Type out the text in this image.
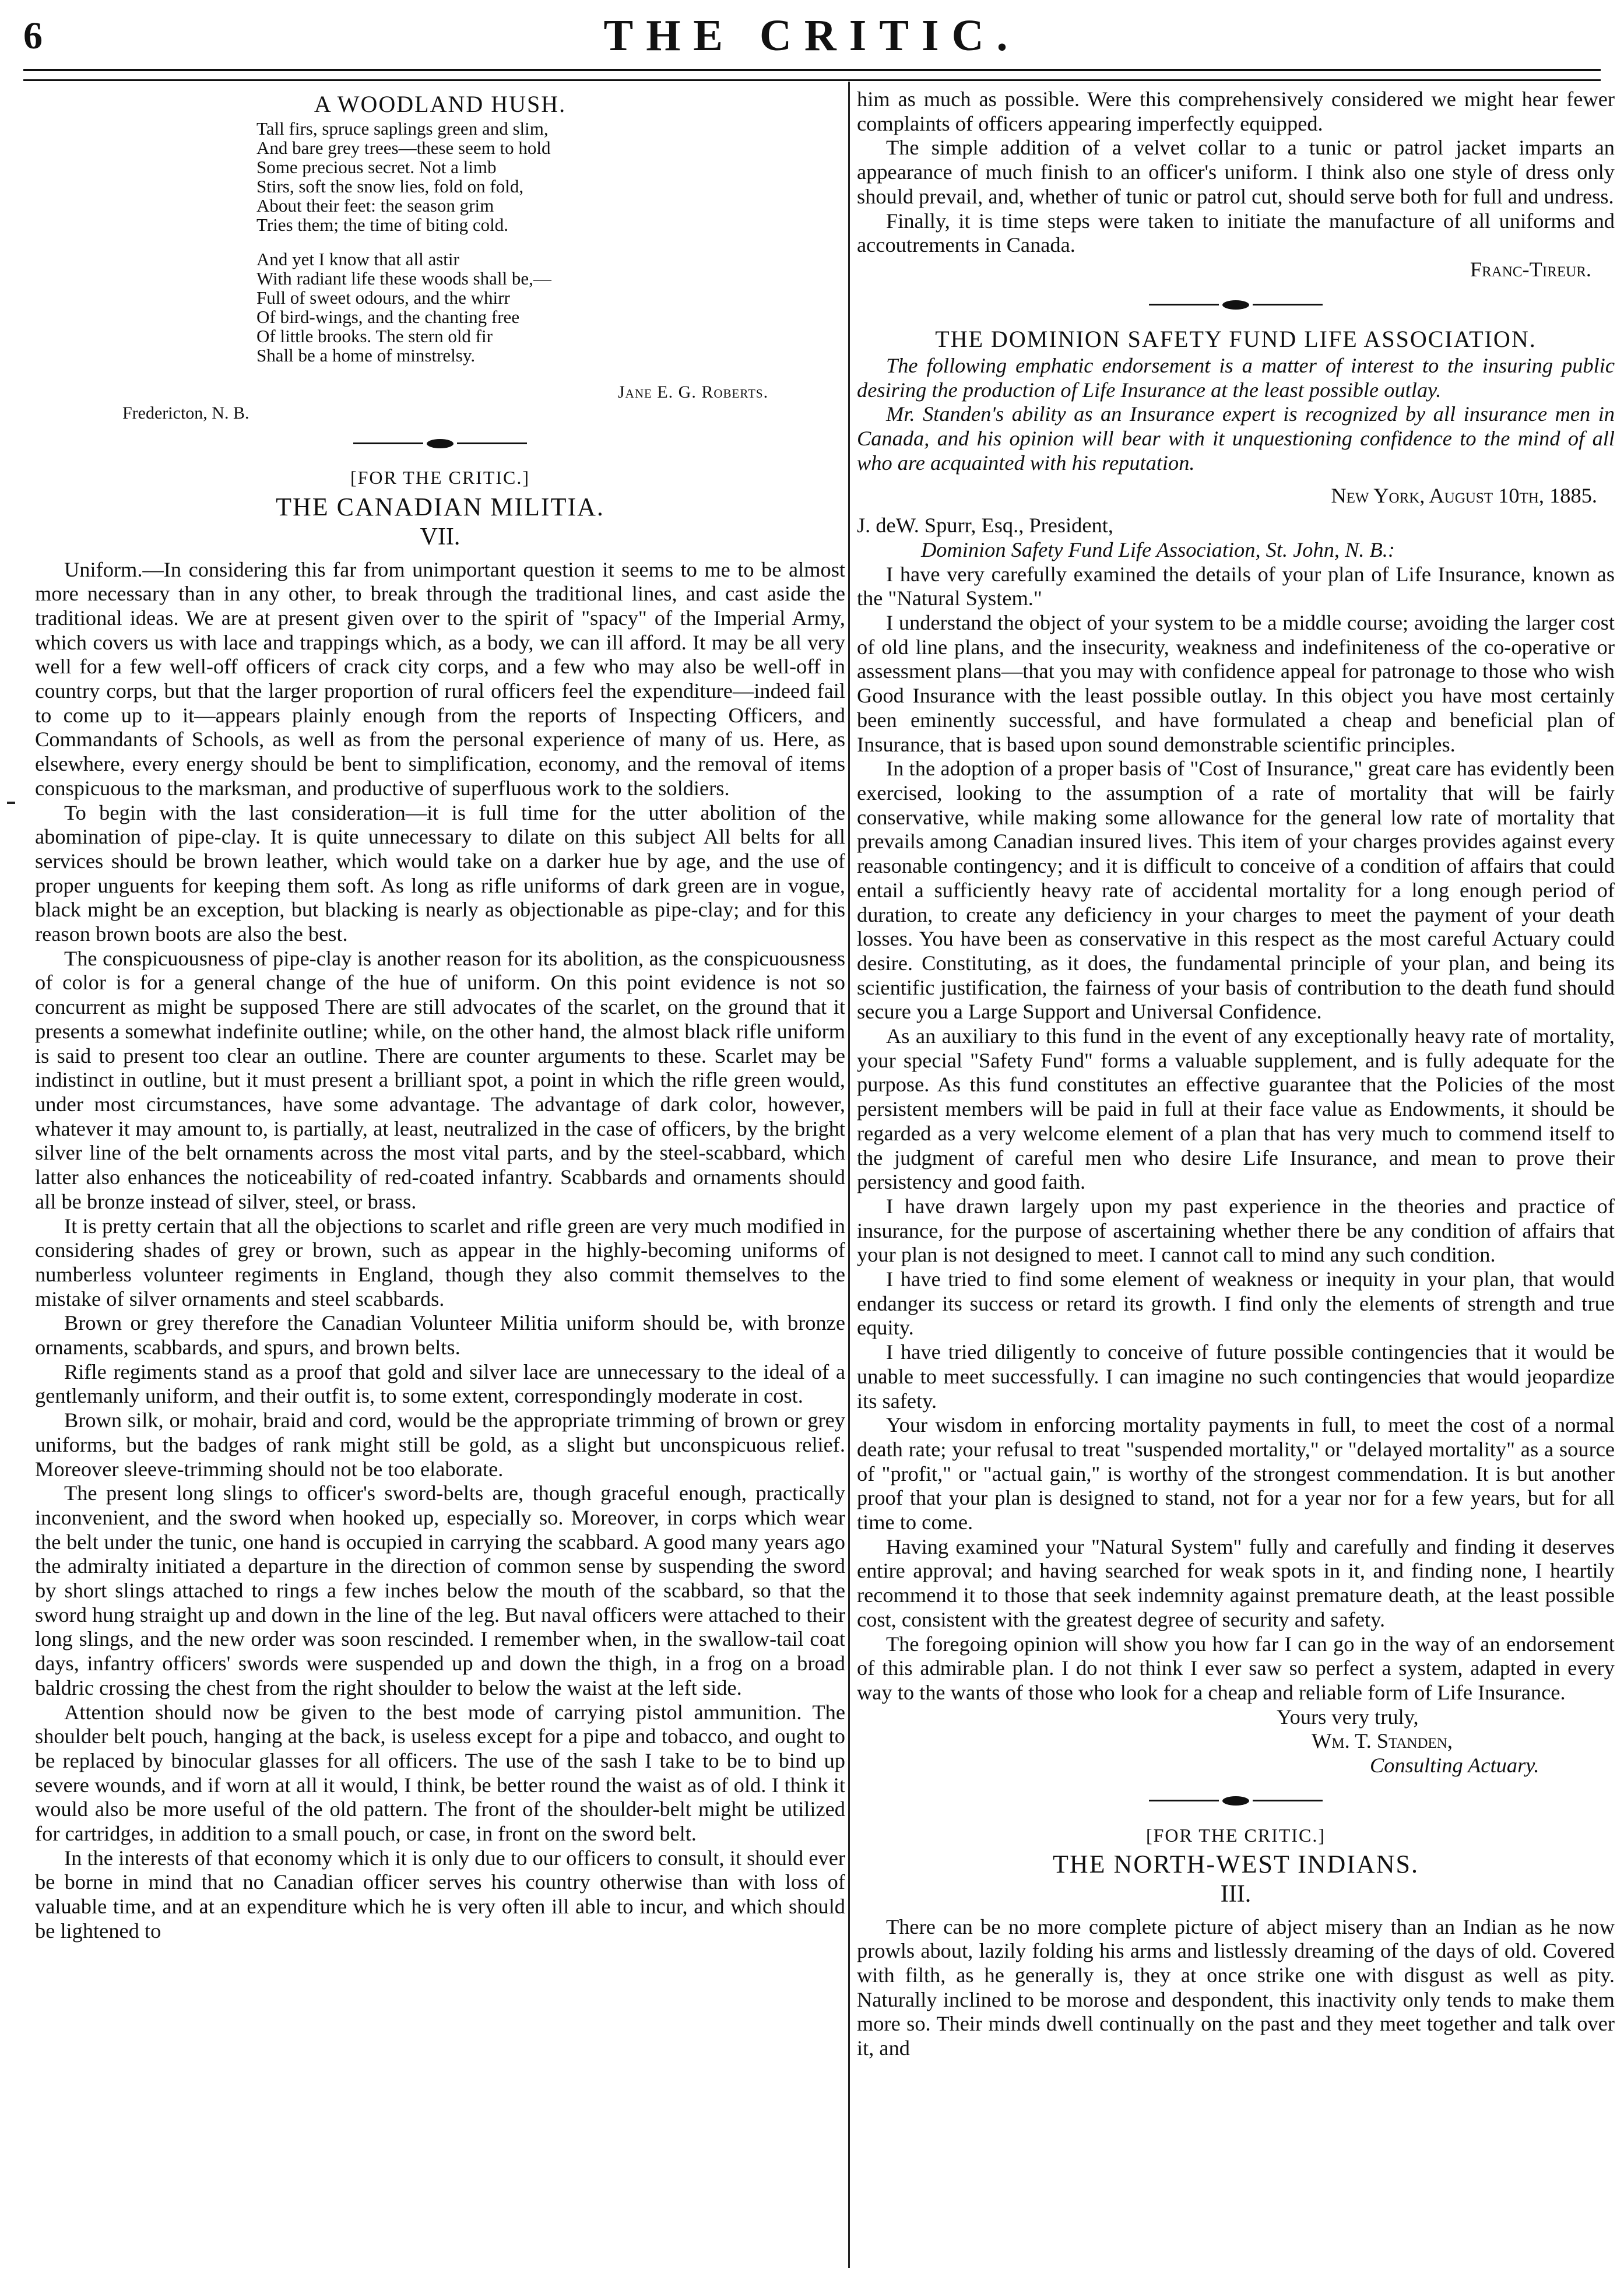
6	THE CRITIC.
A WOODLAND HUSH.
Tall firs, spruce saplings green and slim,
And bare grey trees—these seem to hold
Some precious secret. Not a limb
Stirs, soft the snow lies, fold on fold,
About their feet: the season grim
Tries them; the time of biting cold.
And yet I know that all astir
With radiant life these woods shall be,—
Full of sweet odours, and the whirr
Of bird-wings, and the chanting free
Of little brooks. The stern old fir
Shall be a home of minstrelsy.
Jane E. G. Roberts.
Fredericton, N. B.
[FOR THE CRITIC.]
THE CANADIAN MILITIA.
VII.

Uniform.—In considering this far from unimportant question it seems to me to be almost more necessary than in any other, to break through the traditional lines, and cast aside the traditional ideas. We are at present given over to the spirit of "spacy" of the Imperial Army, which covers us with lace and trappings which, as a body, we can ill afford. It may be all very well for a few well-off officers of crack city corps, and a few who may also be well-off in country corps, but that the larger proportion of rural officers feel the expenditure—indeed fail to come up to it—appears plainly enough from the reports of Inspecting Officers, and Commandants of Schools, as well as from the personal experience of many of us. Here, as elsewhere, every energy should be bent to simplification, economy, and the removal of items conspicuous to the marksman, and productive of superfluous work to the soldiers.

To begin with the last consideration—it is full time for the utter abolition of the abomination of pipe-clay. It is quite unnecessary to dilate on this subject All belts for all services should be brown leather, which would take on a darker hue by age, and the use of proper unguents for keeping them soft. As long as rifle uniforms of dark green are in vogue, black might be an exception, but blacking is nearly as objectionable as pipe-clay; and for this reason brown boots are also the best.

The conspicuousness of pipe-clay is another reason for its abolition, as the conspicuousness of color is for a general change of the hue of uniform. On this point evidence is not so concurrent as might be supposed There are still advocates of the scarlet, on the ground that it presents a somewhat indefinite outline; while, on the other hand, the almost black rifle uniform is said to present too clear an outline. There are counter arguments to these. Scarlet may be indistinct in outline, but it must present a brilliant spot, a point in which the rifle green would, under most circumstances, have some advantage. The advantage of dark color, however, whatever it may amount to, is partially, at least, neutralized in the case of officers, by the bright silver line of the belt ornaments across the most vital parts, and by the steel-scabbard, which latter also enhances the noticeability of red-coated infantry. Scabbards and ornaments should all be bronze instead of silver, steel, or brass.

It is pretty certain that all the objections to scarlet and rifle green are very much modified in considering shades of grey or brown, such as appear in the highly-becoming uniforms of numberless volunteer regiments in England, though they also commit themselves to the mistake of silver ornaments and steel scabbards.

Brown or grey therefore the Canadian Volunteer Militia uniform should be, with bronze ornaments, scabbards, and spurs, and brown belts.

Rifle regiments stand as a proof that gold and silver lace are unnecessary to the ideal of a gentlemanly uniform, and their outfit is, to some extent, correspondingly moderate in cost.

Brown silk, or mohair, braid and cord, would be the appropriate trimming of brown or grey uniforms, but the badges of rank might still be gold, as a slight but unconspicuous relief. Moreover sleeve-trimming should not be too elaborate.

The present long slings to officer's sword-belts are, though graceful enough, practically inconvenient, and the sword when hooked up, especially so. Moreover, in corps which wear the belt under the tunic, one hand is occupied in carrying the scabbard. A good many years ago the admiralty initiated a departure in the direction of common sense by suspending the sword by short slings attached to rings a few inches below the mouth of the scabbard, so that the sword hung straight up and down in the line of the leg. But naval officers were attached to their long slings, and the new order was soon rescinded. I remember when, in the swallow-tail coat days, infantry officers' swords were suspended up and down the thigh, in a frog on a broad baldric crossing the chest from the right shoulder to below the waist at the left side.

Attention should now be given to the best mode of carrying pistol ammunition. The shoulder belt pouch, hanging at the back, is useless except for a pipe and tobacco, and ought to be replaced by binocular glasses for all officers. The use of the sash I take to be to bind up severe wounds, and if worn at all it would, I think, be better round the waist as of old. I think it would also be more useful of the old pattern. The front of the shoulder-belt might be utilized for cartridges, in addition to a small pouch, or case, in front on the sword belt.

In the interests of that economy which it is only due to our officers to consult, it should ever be borne in mind that no Canadian officer serves his country otherwise than with loss of valuable time, and at an expenditure which he is very often ill able to incur, and which should be lightened to

him as much as possible. Were this comprehensively considered we might hear fewer complaints of officers appearing imperfectly equipped.

The simple addition of a velvet collar to a tunic or patrol jacket imparts an appearance of much finish to an officer's uniform. I think also one style of dress only should prevail, and, whether of tunic or patrol cut, should serve both for full and undress.

Finally, it is time steps were taken to initiate the manufacture of all uniforms and accoutrements in Canada.

Franc-Tireur.

THE DOMINION SAFETY FUND LIFE ASSOCIATION.

The following emphatic endorsement is a matter of interest to the insuring public desiring the production of Life Insurance at the least possible outlay.

Mr. Standen's ability as an Insurance expert is recognized by all insurance men in Canada, and his opinion will bear with it unquestioning confidence to the mind of all who are acquainted with his reputation.

New York, August 10th, 1885.

J. deW. Spurr, Esq., President,

Dominion Safety Fund Life Association, St. John, N. B.:

I have very carefully examined the details of your plan of Life Insurance, known as the "Natural System."

I understand the object of your system to be a middle course; avoiding the larger cost of old line plans, and the insecurity, weakness and indefiniteness of the co-operative or assessment plans—that you may with confidence appeal for patronage to those who wish Good Insurance with the least possible outlay. In this object you have most certainly been eminently successful, and have formulated a cheap and beneficial plan of Insurance, that is based upon sound demonstrable scientific principles.

In the adoption of a proper basis of "Cost of Insurance," great care has evidently been exercised, looking to the assumption of a rate of mortality that will be fairly conservative, while making some allowance for the general low rate of mortality that prevails among Canadian insured lives. This item of your charges provides against every reasonable contingency; and it is difficult to conceive of a condition of affairs that could entail a sufficiently heavy rate of accidental mortality for a long enough period of duration, to create any deficiency in your charges to meet the payment of your death losses. You have been as conservative in this respect as the most careful Actuary could desire. Constituting, as it does, the fundamental principle of your plan, and being its scientific justification, the fairness of your basis of contribution to the death fund should secure you a Large Support and Universal Confidence.

As an auxiliary to this fund in the event of any exceptionally heavy rate of mortality, your special "Safety Fund" forms a valuable supplement, and is fully adequate for the purpose. As this fund constitutes an effective guarantee that the Policies of the most persistent members will be paid in full at their face value as Endowments, it should be regarded as a very welcome element of a plan that has very much to commend itself to the judgment of careful men who desire Life Insurance, and mean to prove their persistency and good faith.

I have drawn largely upon my past experience in the theories and practice of insurance, for the purpose of ascertaining whether there be any condition of affairs that your plan is not designed to meet. I cannot call to mind any such condition.

I have tried to find some element of weakness or inequity in your plan, that would endanger its success or retard its growth. I find only the elements of strength and true equity.

I have tried diligently to conceive of future possible contingencies that it would be unable to meet successfully. I can imagine no such contingencies that would jeopardize its safety.

Your wisdom in enforcing mortality payments in full, to meet the cost of a normal death rate; your refusal to treat "suspended mortality," or "delayed mortality" as a source of "profit," or "actual gain," is worthy of the strongest commendation. It is but another proof that your plan is designed to stand, not for a year nor for a few years, but for all time to come.

Having examined your "Natural System" fully and carefully and finding it deserves entire approval; and having searched for weak spots in it, and finding none, I heartily recommend it to those that seek indemnity against premature death, at the least possible cost, consistent with the greatest degree of security and safety.

The foregoing opinion will show you how far I can go in the way of an endorsement of this admirable plan. I do not think I ever saw so perfect a system, adapted in every way to the wants of those who look for a cheap and reliable form of Life Insurance.

Yours very truly,

Wm. T. Standen,

Consulting Actuary.

[FOR THE CRITIC.]
THE NORTH-WEST INDIANS.
III.

There can be no more complete picture of abject misery than an Indian as he now prowls about, lazily folding his arms and listlessly dreaming of the days of old. Covered with filth, as he generally is, they at once strike one with disgust as well as pity. Naturally inclined to be morose and despondent, this inactivity only tends to make them more so. Their minds dwell continually on the past and they meet together and talk over it, and
